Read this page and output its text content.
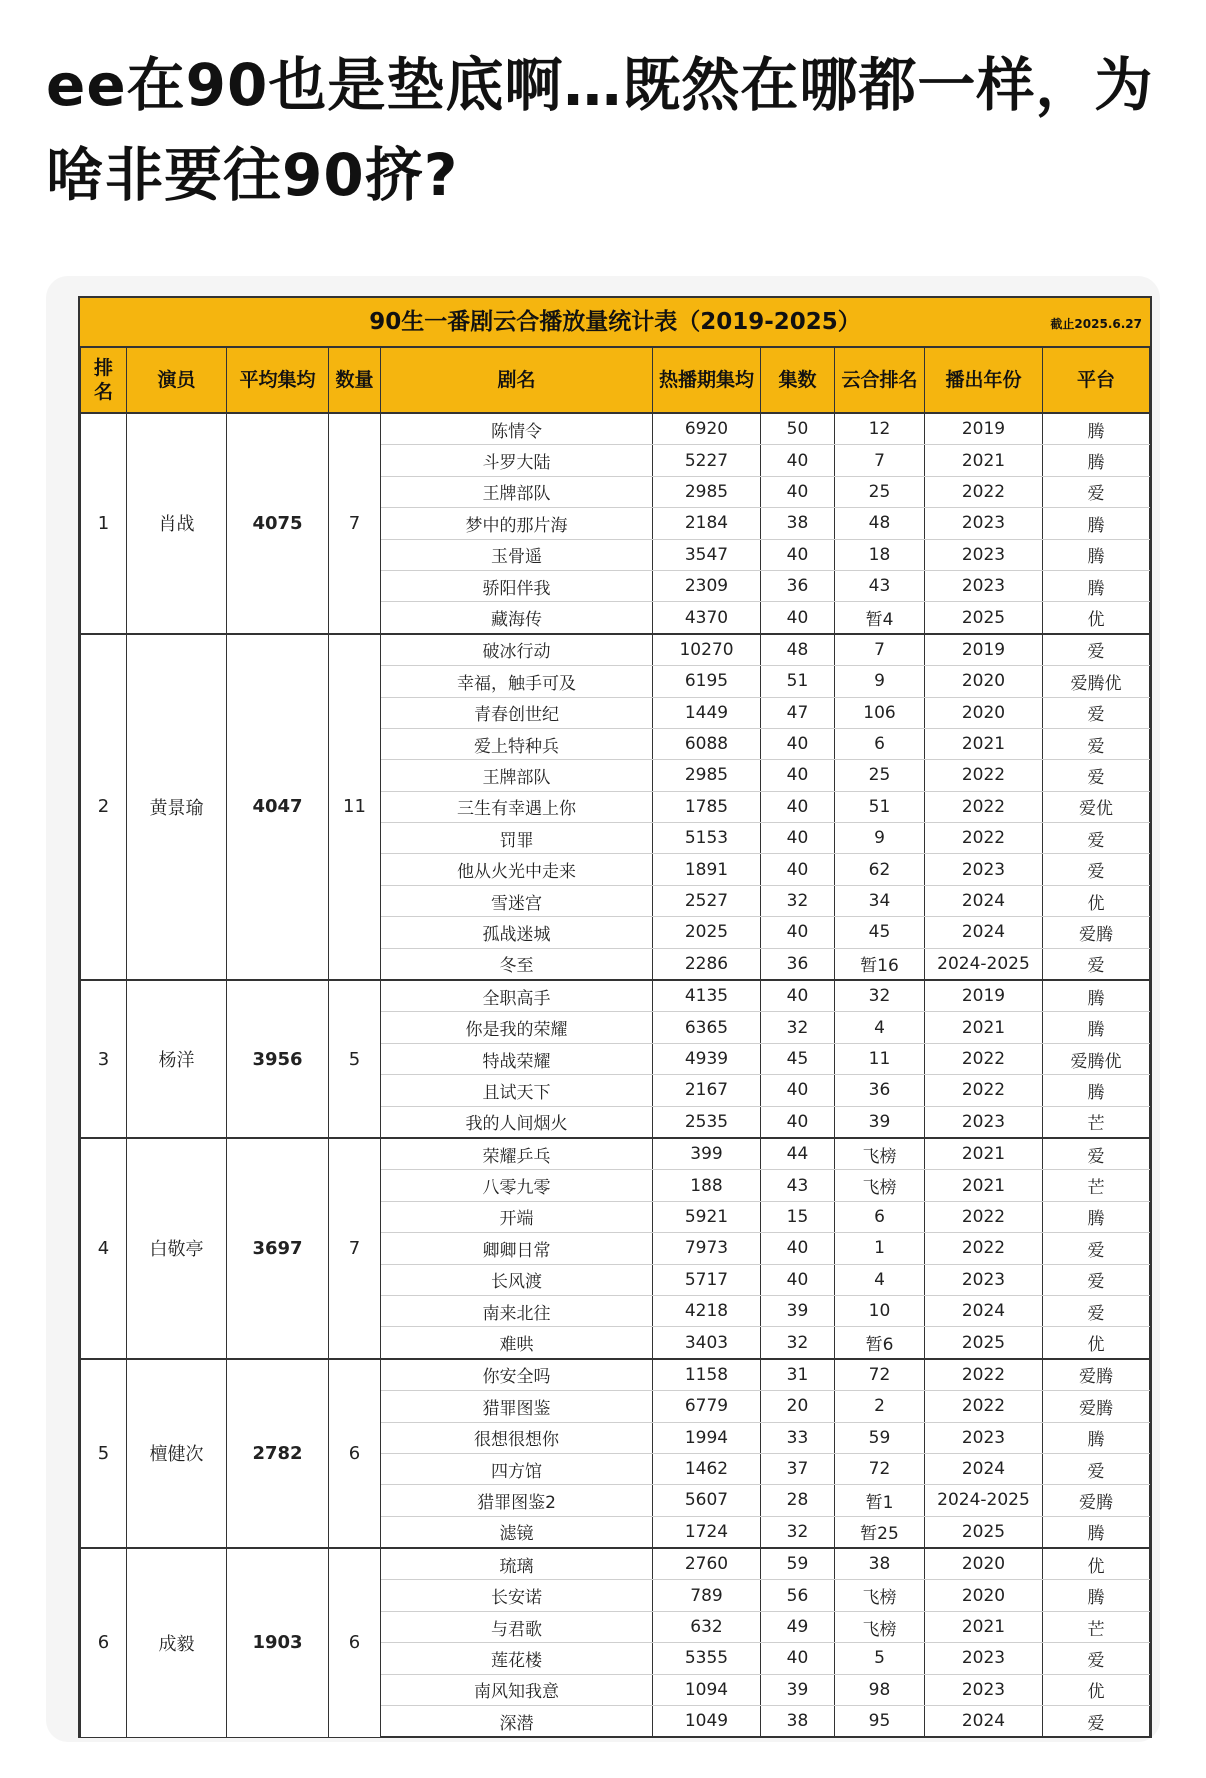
ee在90也是垫底啊…既然在哪都一样，为啥非要往90挤?
90生一番剧云合播放量统计表（2019-2025）	截止2025.6.27
排名	演员	平均集均	数量	剧名	热播期集均	集数	云合排名	播出年份	平台
1	肖战	4075	7	陈情令	6920	50	12	2019	腾
				斗罗大陆	5227	40	7	2021	腾
				王牌部队	2985	40	25	2022	爱
				梦中的那片海	2184	38	48	2023	腾
				玉骨遥	3547	40	18	2023	腾
				骄阳伴我	2309	36	43	2023	腾
				藏海传	4370	40	暂4	2025	优
2	黄景瑜	4047	11	破冰行动	10270	48	7	2019	爱
				幸福，触手可及	6195	51	9	2020	爱腾优
				青春创世纪	1449	47	106	2020	爱
				爱上特种兵	6088	40	6	2021	爱
				王牌部队	2985	40	25	2022	爱
				三生有幸遇上你	1785	40	51	2022	爱优
				罚罪	5153	40	9	2022	爱
				他从火光中走来	1891	40	62	2023	爱
				雪迷宫	2527	32	34	2024	优
				孤战迷城	2025	40	45	2024	爱腾
				冬至	2286	36	暂16	2024-2025	爱
3	杨洋	3956	5	全职高手	4135	40	32	2019	腾
				你是我的荣耀	6365	32	4	2021	腾
				特战荣耀	4939	45	11	2022	爱腾优
				且试天下	2167	40	36	2022	腾
				我的人间烟火	2535	40	39	2023	芒
4	白敬亭	3697	7	荣耀乒乓	399	44	飞榜	2021	爱
				八零九零	188	43	飞榜	2021	芒
				开端	5921	15	6	2022	腾
				卿卿日常	7973	40	1	2022	爱
				长风渡	5717	40	4	2023	爱
				南来北往	4218	39	10	2024	爱
				难哄	3403	32	暂6	2025	优
5	檀健次	2782	6	你安全吗	1158	31	72	2022	爱腾
				猎罪图鉴	6779	20	2	2022	爱腾
				很想很想你	1994	33	59	2023	腾
				四方馆	1462	37	72	2024	爱
				猎罪图鉴2	5607	28	暂1	2024-2025	爱腾
				滤镜	1724	32	暂25	2025	腾
6	成毅	1903	6	琉璃	2760	59	38	2020	优
				长安诺	789	56	飞榜	2020	腾
				与君歌	632	49	飞榜	2021	芒
				莲花楼	5355	40	5	2023	爱
				南风知我意	1094	39	98	2023	优
				深潜	1049	38	95	2024	爱
